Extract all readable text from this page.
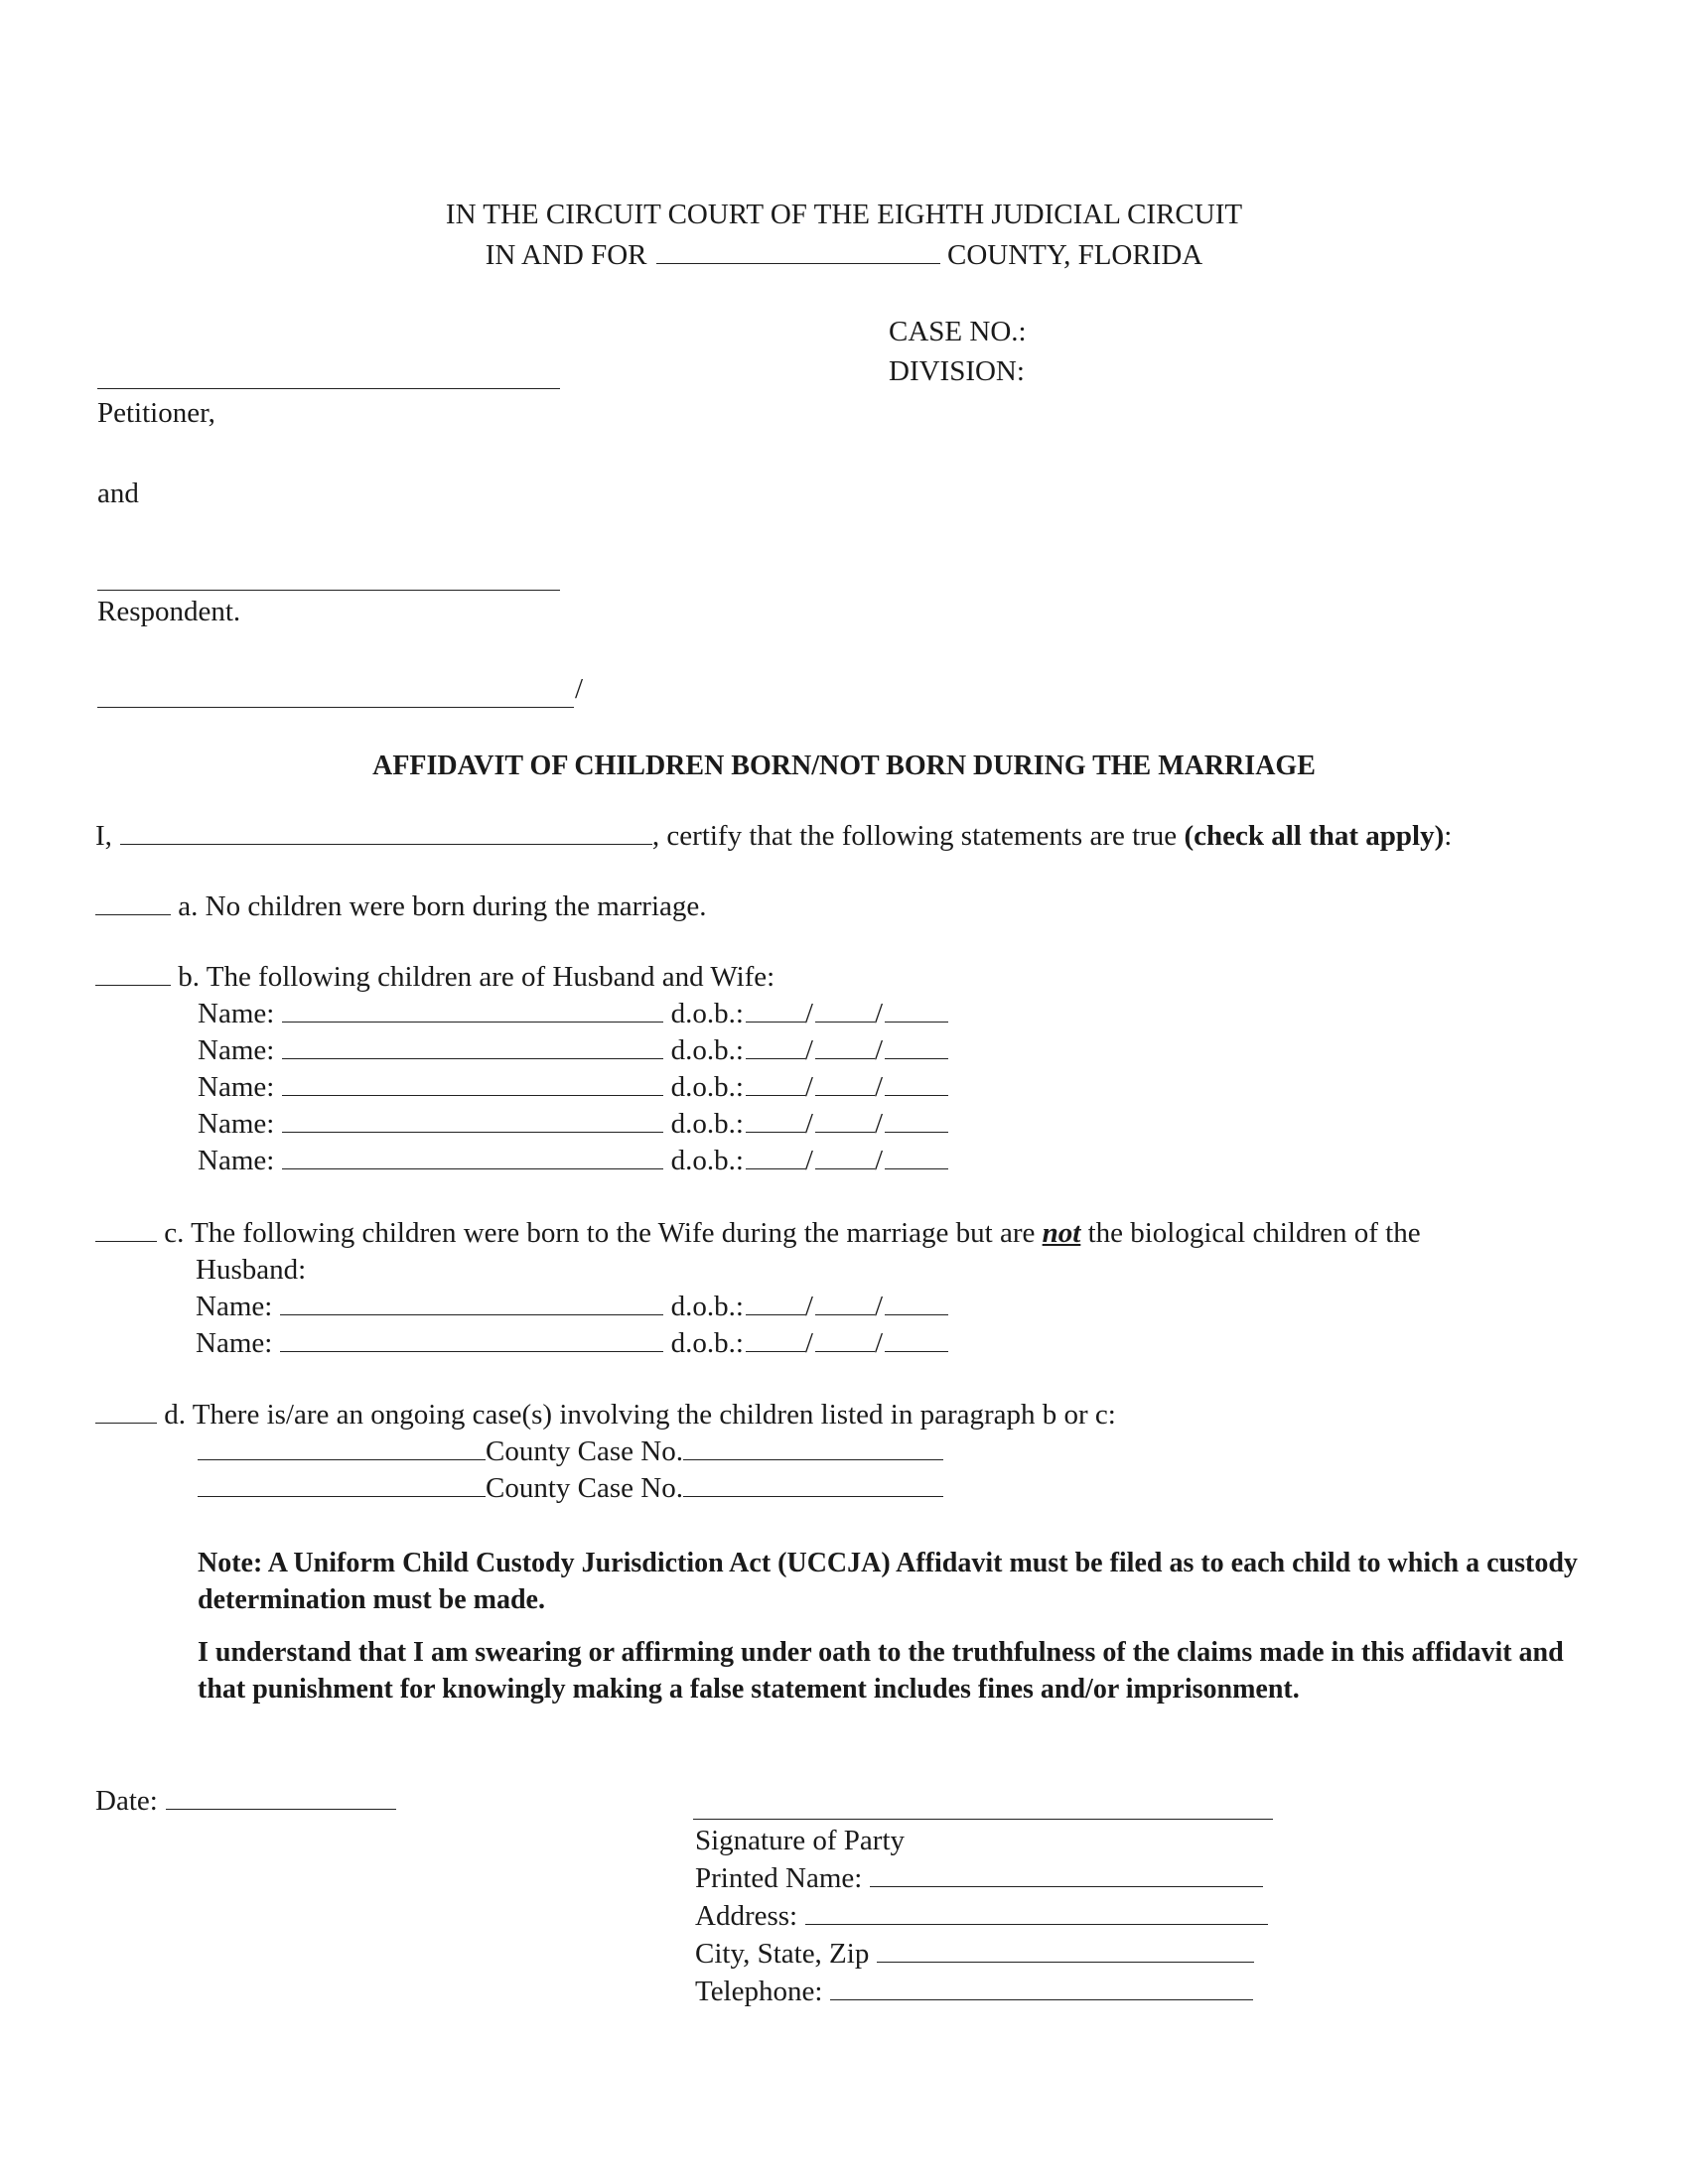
IN THE CIRCUIT COURT OF THE EIGHTH JUDICIAL CIRCUIT
IN AND FOR	COUNTY, FLORIDA
CASE NO.:
DIVISION:
Petitioner,
and
Respondent.
/
AFFIDAVIT OF CHILDREN BORN/NOT BORN DURING THE MARRIAGE
I,	, certify that the following statements are true (check all that apply):
a. No children were born during the marriage.
b. The following children are of Husband and Wife:
Name:	d.o.b.: / /
Name:	d.o.b.: / /
Name:	d.o.b.: / /
Name:	d.o.b.: / /
Name:	d.o.b.: / /
c. The following children were born to the Wife during the marriage but are not the biological children of the
Husband:
Name:	d.o.b.: / /
Name:	d.o.b.: / /
d. There is/are an ongoing case(s) involving the children listed in paragraph b or c:
County Case No.
County Case No.
Note: A Uniform Child Custody Jurisdiction Act (UCCJA) Affidavit must be filed as to each child to which a custody determination must be made.
I understand that I am swearing or affirming under oath to the truthfulness of the claims made in this affidavit and that punishment for knowingly making a false statement includes fines and/or imprisonment.
Date:
Signature of Party
Printed Name:
Address:
City, State, Zip
Telephone:
